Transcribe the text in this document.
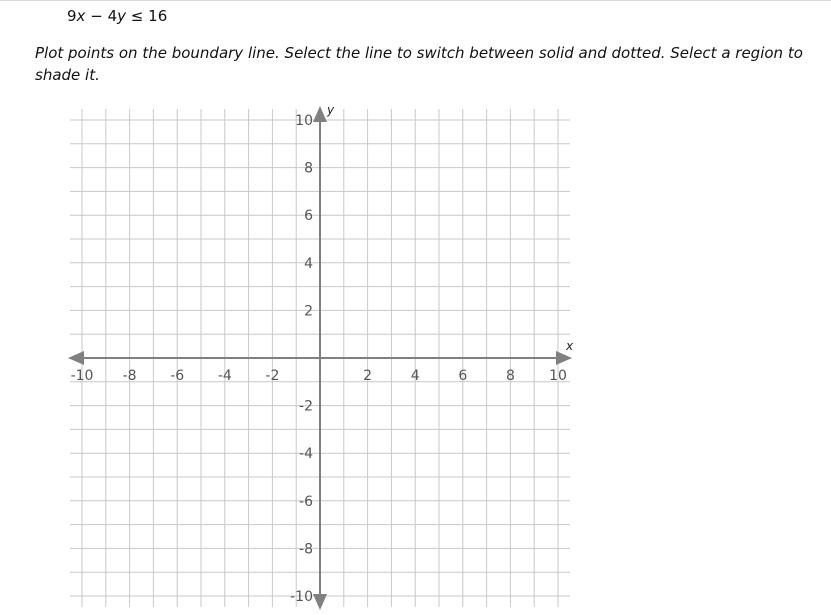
9x − 4y ≤ 16
Plot points on the boundary line. Select the line to switch between solid and dotted. Select a region to shade it.
x
y
-10 -8 -6 -4 -2	2	4	6	8 10
10
8
6
4
2
-2
-4
-6
-8
-10
